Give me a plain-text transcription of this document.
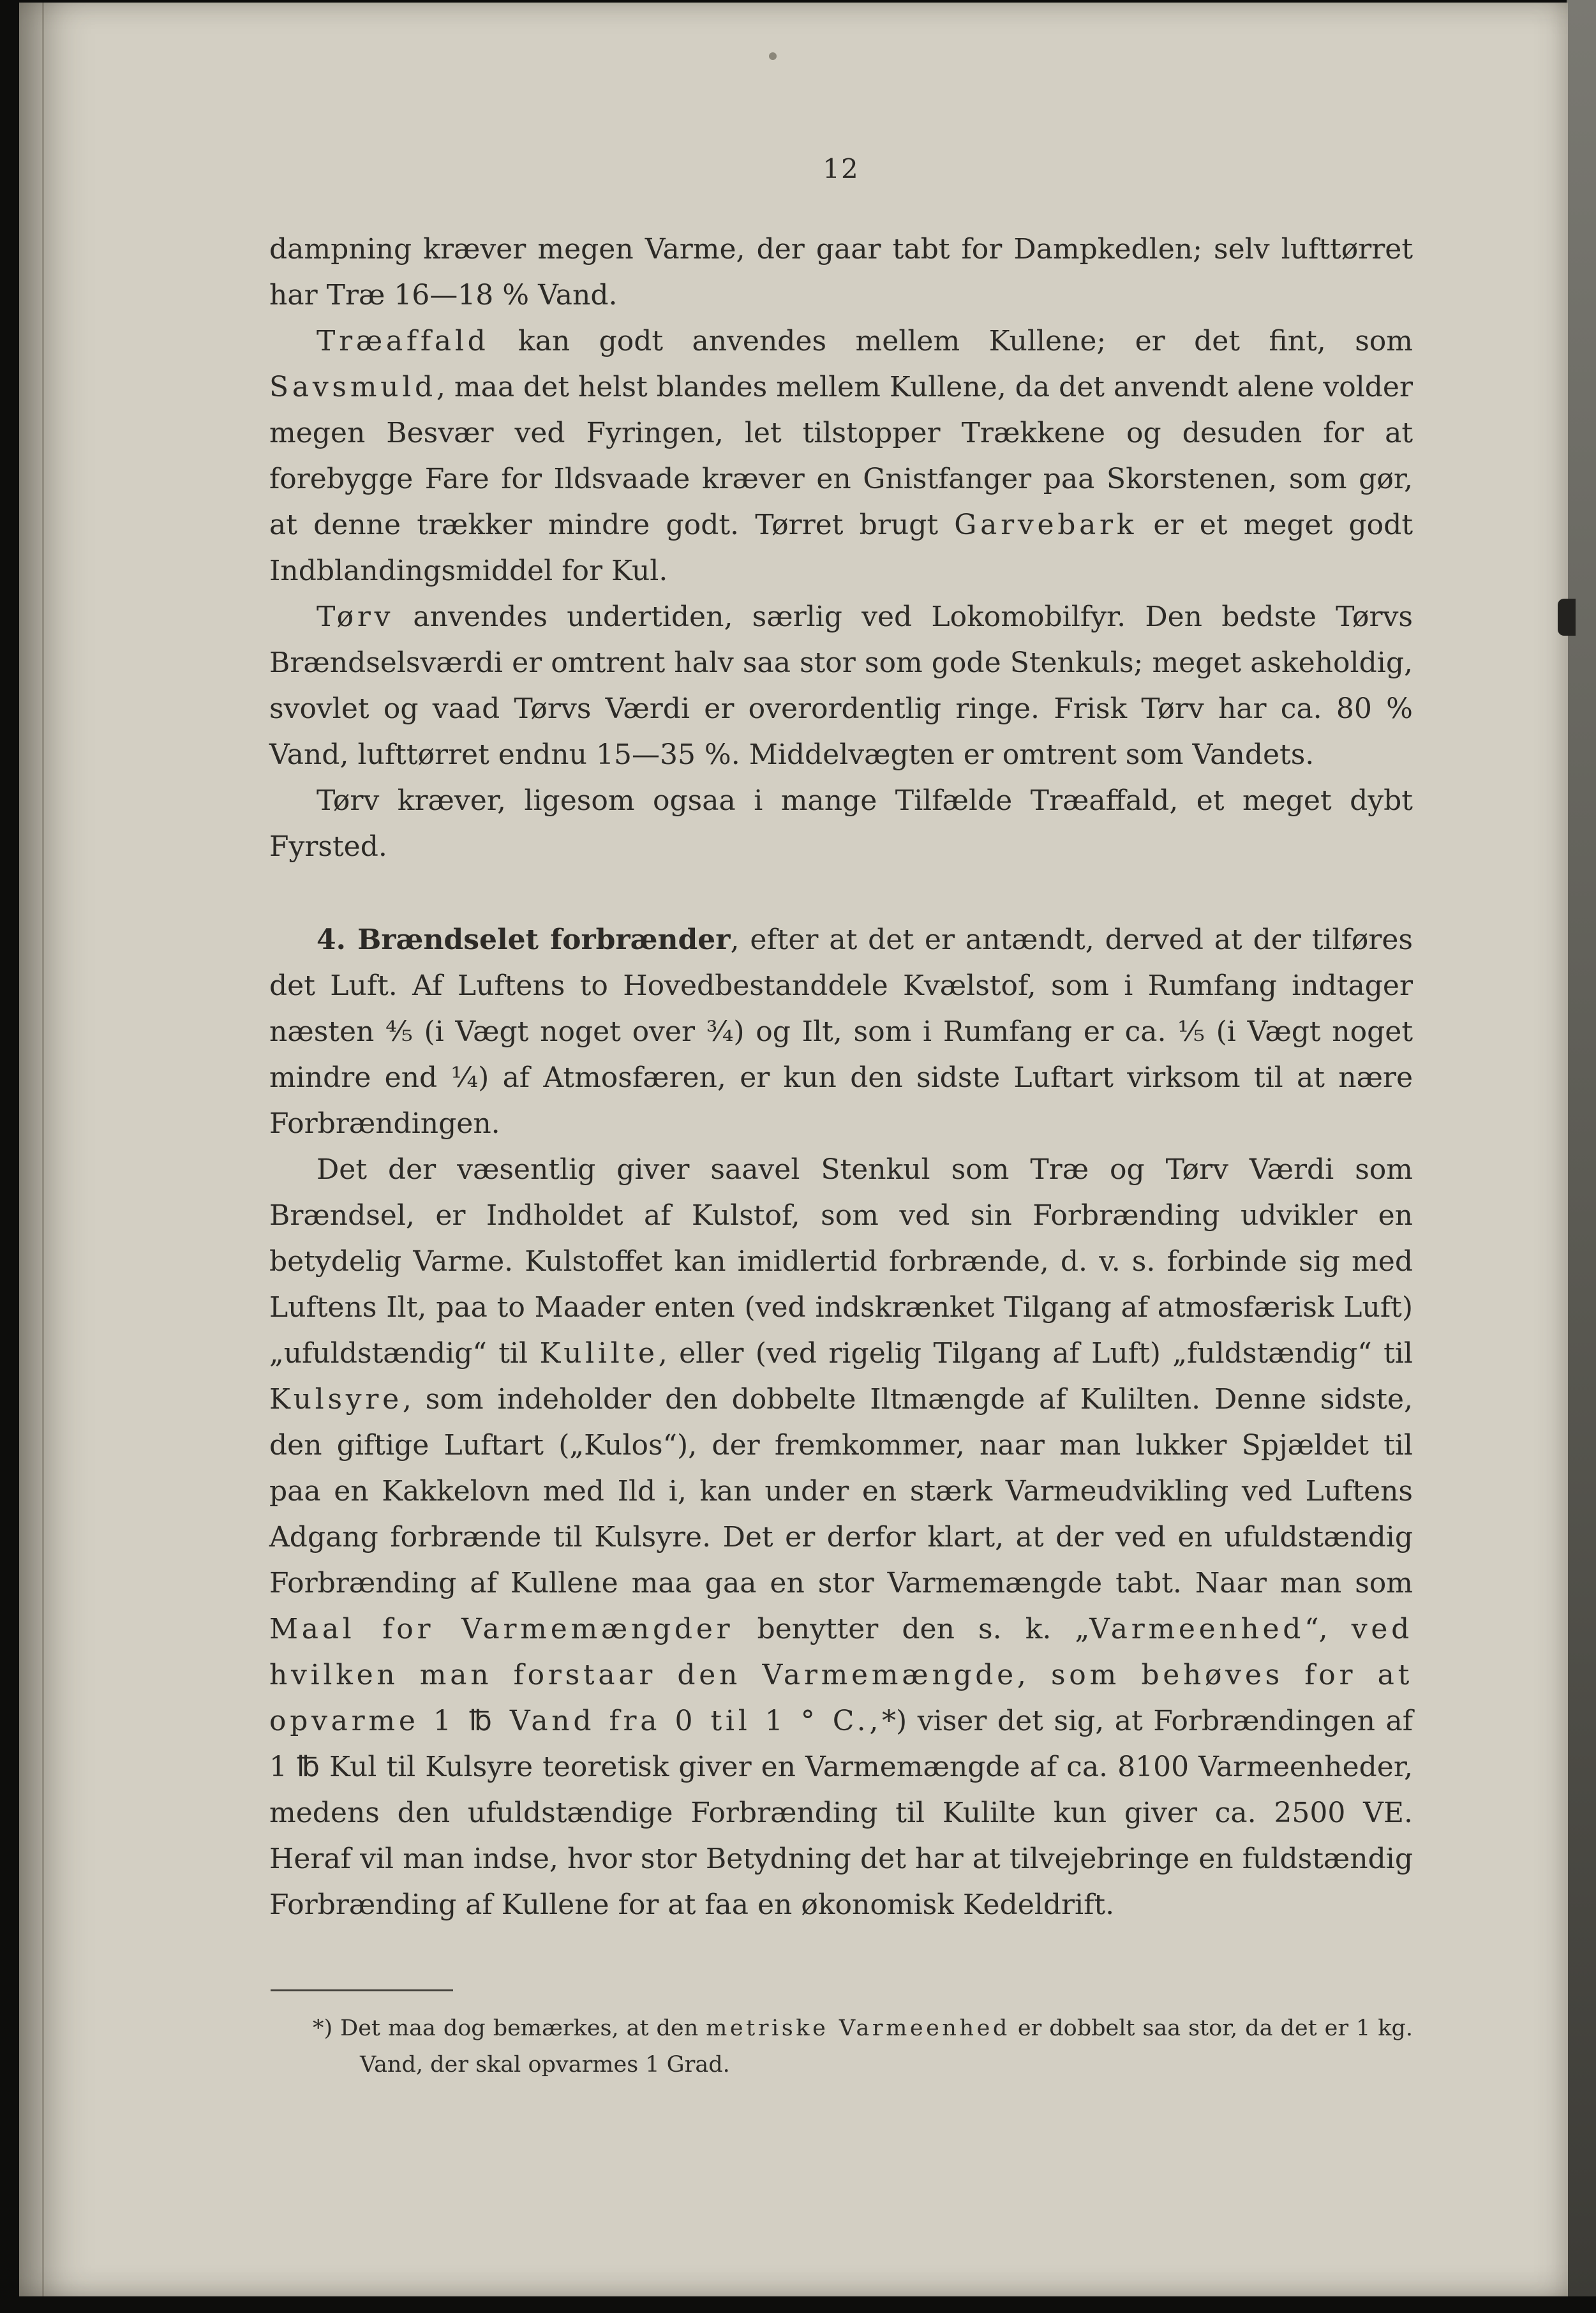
12

dampning kræver megen Varme, der gaar tabt for Dampkedlen; selv lufttørret har Træ 16—18 % Vand.

Træaffald kan godt anvendes mellem Kullene; er det fint, som Savsmuld, maa det helst blandes mellem Kullene, da det anvendt alene volder megen Besvær ved Fyringen, let tilstopper Trækkene og desuden for at forebygge Fare for Ildsvaade kræver en Gnistfanger paa Skorstenen, som gør, at denne trækker mindre godt. Tørret brugt Garvebark er et meget godt Indblandingsmiddel for Kul.

Tørv anvendes undertiden, særlig ved Lokomobilfyr. Den bedste Tørvs Brændselsværdi er omtrent halv saa stor som gode Stenkuls; meget askeholdig, svovlet og vaad Tørvs Værdi er overordentlig ringe. Frisk Tørv har ca. 80 % Vand, lufttørret endnu 15—35 %. Middelvægten er omtrent som Vandets.

Tørv kræver, ligesom ogsaa i mange Tilfælde Træaffald, et meget dybt Fyrsted.

4. Brændselet forbrænder, efter at det er antændt, derved at der tilføres det Luft. Af Luftens to Hovedbestanddele Kvælstof, som i Rumfang indtager næsten ⁴⁄₅ (i Vægt noget over ³⁄₄) og Ilt, som i Rumfang er ca. ¹⁄₅ (i Vægt noget mindre end ¹⁄₄) af Atmosfæren, er kun den sidste Luftart virksom til at nære Forbrændingen.

Det der væsentlig giver saavel Stenkul som Træ og Tørv Værdi som Brændsel, er Indholdet af Kulstof, som ved sin Forbrænding udvikler en betydelig Varme. Kulstoffet kan imidlertid forbrænde, d. v. s. forbinde sig med Luftens Ilt, paa to Maader enten (ved indskrænket Tilgang af atmosfærisk Luft) „ufuldstændig“ til Kulilte, eller (ved rigelig Tilgang af Luft) „fuldstændig“ til Kulsyre, som indeholder den dobbelte Iltmængde af Kulilten. Denne sidste, den giftige Luftart („Kulos“), der fremkommer, naar man lukker Spjældet til paa en Kakkelovn med Ild i, kan under en stærk Varmeudvikling ved Luftens Adgang forbrænde til Kulsyre. Det er derfor klart, at der ved en ufuldstændig Forbrænding af Kullene maa gaa en stor Varmemængde tabt. Naar man som Maal for Varmemængder benytter den s. k. „Varmeenhed“, ved hvilken man forstaar den Varmemængde, som behøves for at opvarme 1 ℔ Vand fra 0 til 1 ° C.,*) viser det sig, at Forbrændingen af 1 ℔ Kul til Kulsyre teoretisk giver en Varmemængde af ca. 8100 Varmeenheder, medens den ufuldstændige Forbrænding til Kulilte kun giver ca. 2500 VE. Heraf vil man indse, hvor stor Betydning det har at tilvejebringe en fuldstændig Forbrænding af Kullene for at faa en økonomisk Kedeldrift.

*) Det maa dog bemærkes, at den metriske Varmeenhed er dobbelt saa stor, da det er 1 kg. Vand, der skal opvarmes 1 Grad.
